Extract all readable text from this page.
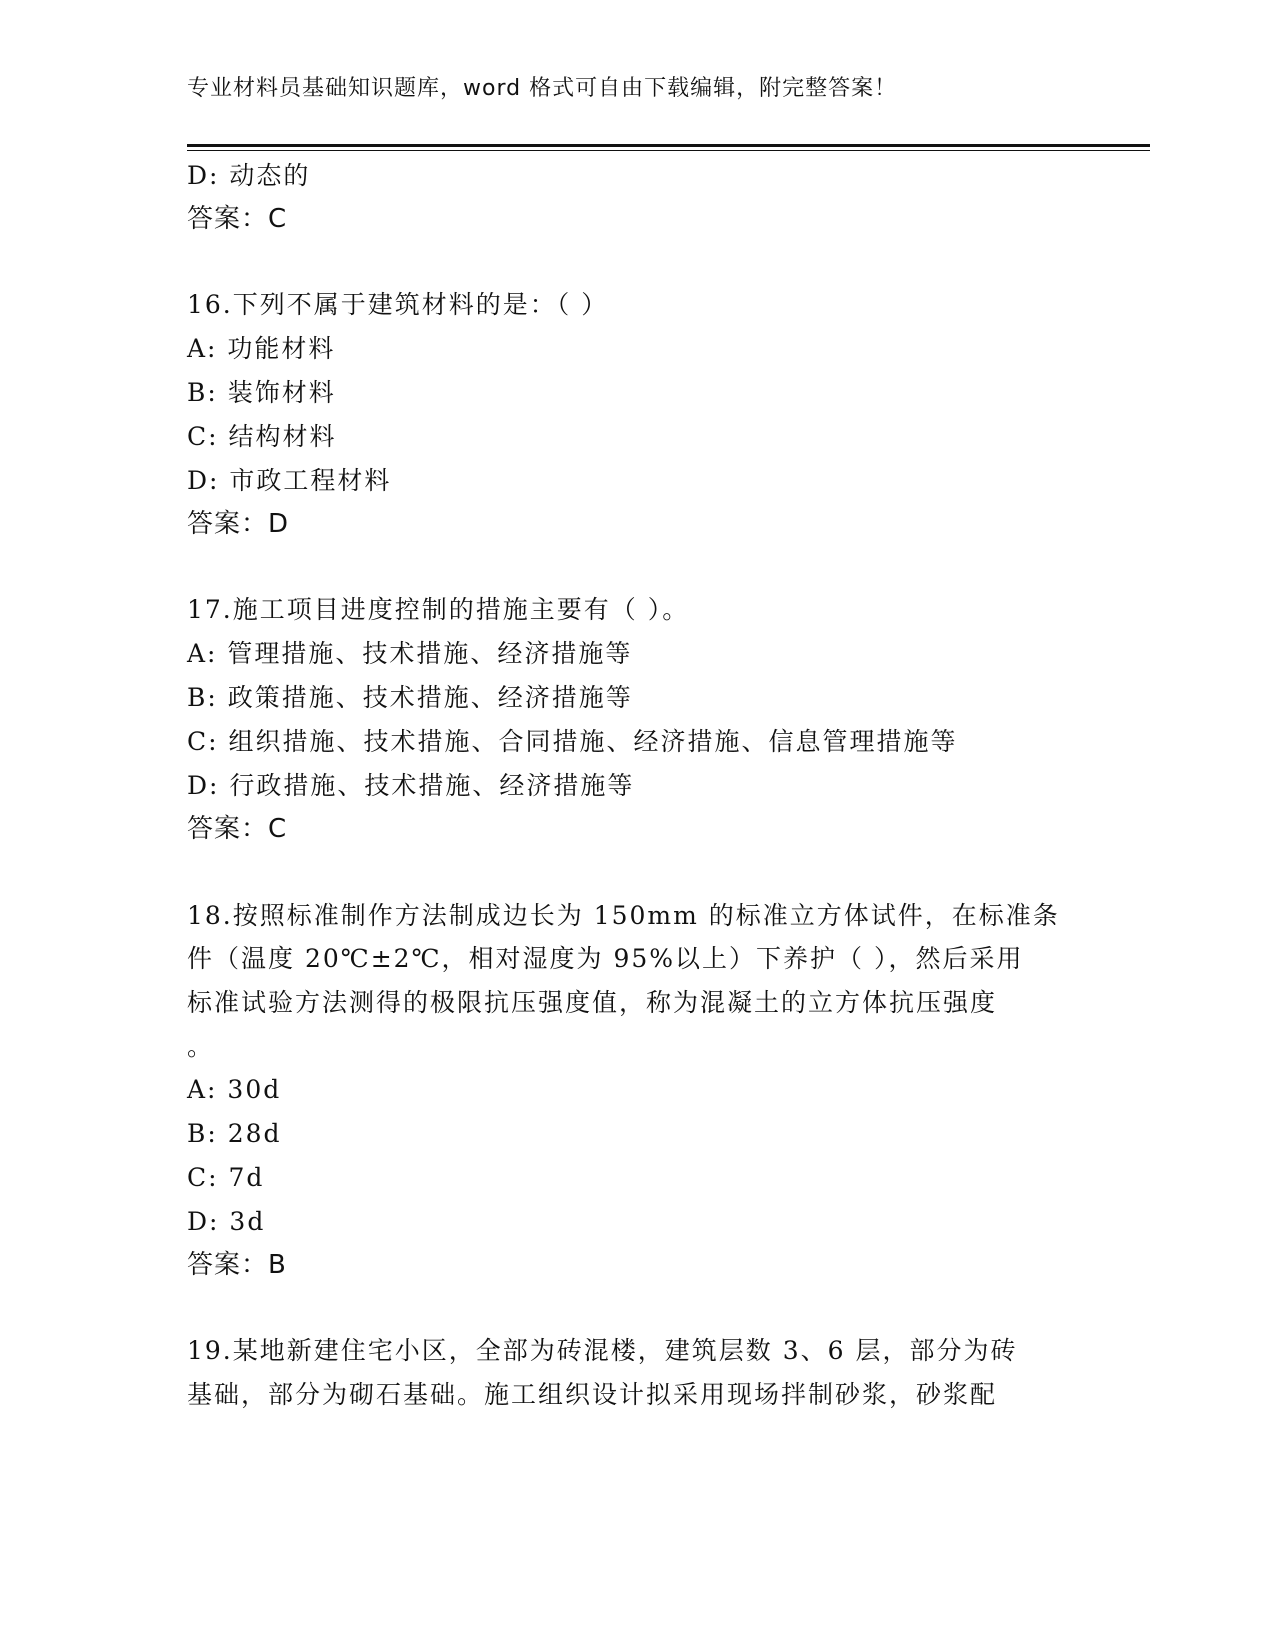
专业材料员基础知识题库，word 格式可自由下载编辑，附完整答案！
D: 动态的
答案：C
16.下列不属于建筑材料的是：（ ）
A: 功能材料
B: 装饰材料
C: 结构材料
D: 市政工程材料
答案：D
17.施工项目进度控制的措施主要有（ ）。
A: 管理措施、技术措施、经济措施等
B: 政策措施、技术措施、经济措施等
C: 组织措施、技术措施、合同措施、经济措施、信息管理措施等
D: 行政措施、技术措施、经济措施等
答案：C
18.按照标准制作方法制成边长为 150mm 的标准立方体试件，在标准条
件（温度 20℃±2℃，相对湿度为 95%以上）下养护（ ），然后采用
标准试验方法测得的极限抗压强度值，称为混凝土的立方体抗压强度
。
A: 30d
B: 28d
C: 7d
D: 3d
答案：B
19.某地新建住宅小区，全部为砖混楼，建筑层数 3、6 层，部分为砖
基础，部分为砌石基础。施工组织设计拟采用现场拌制砂浆，砂浆配
